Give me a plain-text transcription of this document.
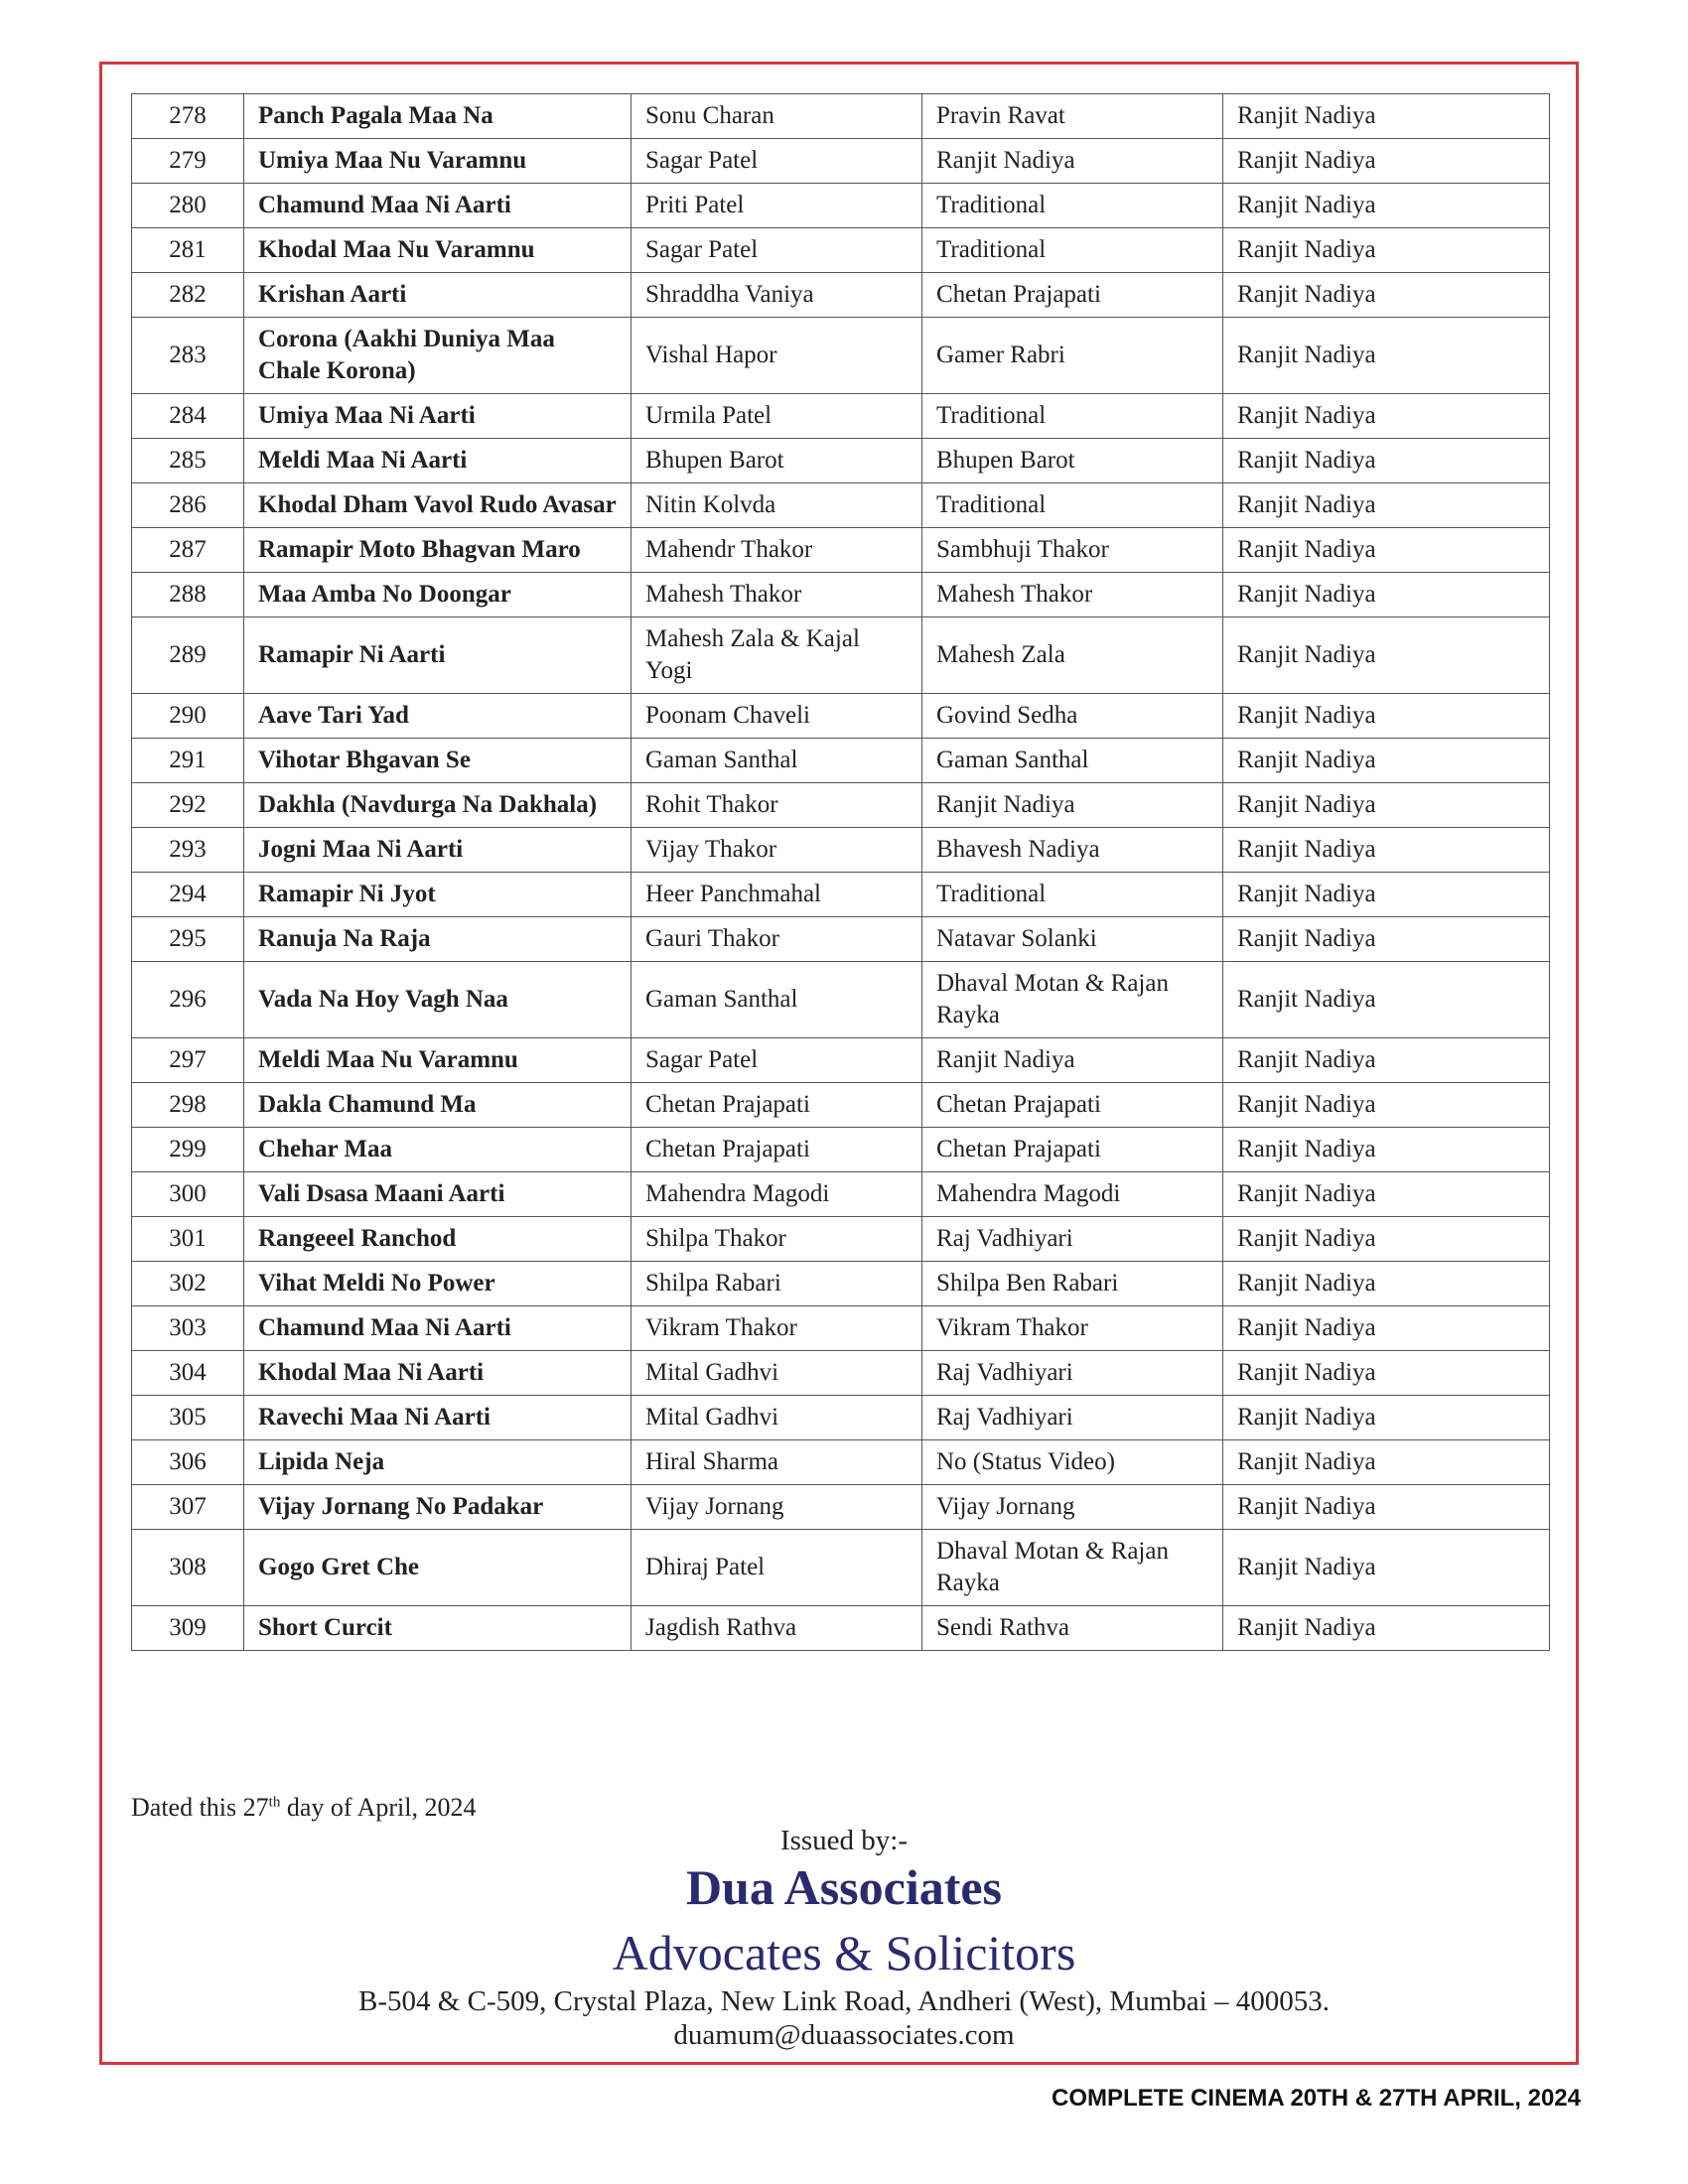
278	Panch Pagala Maa Na	Sonu Charan	Pravin Ravat	Ranjit Nadiya
279	Umiya Maa Nu Varamnu	Sagar Patel	Ranjit Nadiya	Ranjit Nadiya
280	Chamund Maa Ni Aarti	Priti Patel	Traditional	Ranjit Nadiya
281	Khodal Maa Nu Varamnu	Sagar Patel	Traditional	Ranjit Nadiya
282	Krishan Aarti	Shraddha Vaniya	Chetan Prajapati	Ranjit Nadiya
283	Corona (Aakhi Duniya Maa Chale Korona)	Vishal Hapor	Gamer Rabri	Ranjit Nadiya
284	Umiya Maa Ni Aarti	Urmila Patel	Traditional	Ranjit Nadiya
285	Meldi Maa Ni Aarti	Bhupen Barot	Bhupen Barot	Ranjit Nadiya
286	Khodal Dham Vavol Rudo Avasar	Nitin Kolvda	Traditional	Ranjit Nadiya
287	Ramapir Moto Bhagvan Maro	Mahendr Thakor	Sambhuji Thakor	Ranjit Nadiya
288	Maa Amba No Doongar	Mahesh Thakor	Mahesh Thakor	Ranjit Nadiya
289	Ramapir Ni Aarti	Mahesh Zala & Kajal Yogi	Mahesh Zala	Ranjit Nadiya
290	Aave Tari Yad	Poonam Chaveli	Govind Sedha	Ranjit Nadiya
291	Vihotar Bhgavan Se	Gaman Santhal	Gaman Santhal	Ranjit Nadiya
292	Dakhla (Navdurga Na Dakhala)	Rohit Thakor	Ranjit Nadiya	Ranjit Nadiya
293	Jogni Maa Ni Aarti	Vijay Thakor	Bhavesh Nadiya	Ranjit Nadiya
294	Ramapir Ni Jyot	Heer Panchmahal	Traditional	Ranjit Nadiya
295	Ranuja Na Raja	Gauri Thakor	Natavar Solanki	Ranjit Nadiya
296	Vada Na Hoy Vagh Naa	Gaman Santhal	Dhaval Motan & Rajan Rayka	Ranjit Nadiya
297	Meldi Maa Nu Varamnu	Sagar Patel	Ranjit Nadiya	Ranjit Nadiya
298	Dakla Chamund Ma	Chetan Prajapati	Chetan Prajapati	Ranjit Nadiya
299	Chehar Maa	Chetan Prajapati	Chetan Prajapati	Ranjit Nadiya
300	Vali Dsasa Maani Aarti	Mahendra Magodi	Mahendra Magodi	Ranjit Nadiya
301	Rangeeel Ranchod	Shilpa Thakor	Raj Vadhiyari	Ranjit Nadiya
302	Vihat Meldi No Power	Shilpa Rabari	Shilpa Ben Rabari	Ranjit Nadiya
303	Chamund Maa Ni Aarti	Vikram Thakor	Vikram Thakor	Ranjit Nadiya
304	Khodal Maa Ni Aarti	Mital Gadhvi	Raj Vadhiyari	Ranjit Nadiya
305	Ravechi Maa Ni Aarti	Mital Gadhvi	Raj Vadhiyari	Ranjit Nadiya
306	Lipida Neja	Hiral Sharma	No (Status Video)	Ranjit Nadiya
307	Vijay Jornang No Padakar	Vijay Jornang	Vijay Jornang	Ranjit Nadiya
308	Gogo Gret Che	Dhiraj Patel	Dhaval Motan & Rajan Rayka	Ranjit Nadiya
309	Short Curcit	Jagdish Rathva	Sendi Rathva	Ranjit Nadiya
Dated this 27th day of April, 2024
Issued by:-
Dua Associates
Advocates & Solicitors
B-504 & C-509, Crystal Plaza, New Link Road, Andheri (West), Mumbai – 400053.
duamum@duaassociates.com
COMPLETE CINEMA 20TH & 27TH APRIL, 2024
